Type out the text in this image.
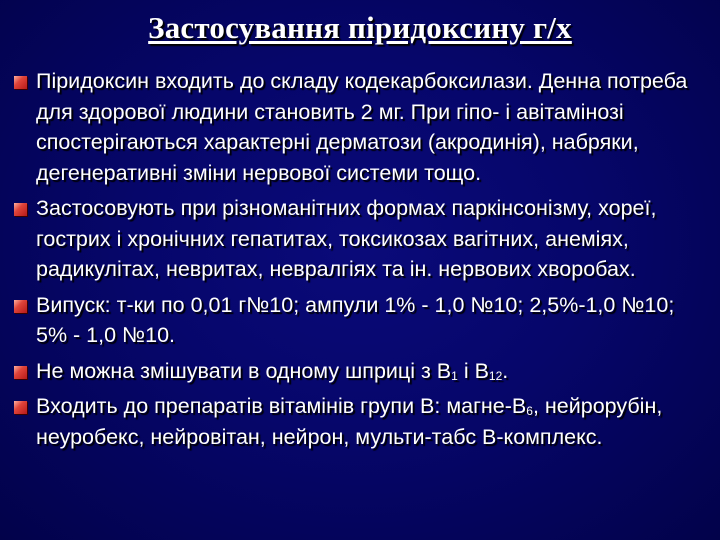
Застосування піридоксину г/х
Піридоксин входить до складу кодекарбоксилази. Денна потреба для здорової людини становить 2 мг. При гіпо- і авітамінозі спостерігаються характерні дерматози (акродинія), набряки, дегенеративні зміни нервової системи тощо.
Застосовують при різноманітних формах паркінсонізму, хореї, гострих і хронічних гепатитах, токсикозах вагітних, анеміях, радикулітах, невритах, невралгіях та ін. нервових хворобах.
Випуск: т-ки по 0,01 г№10; ампули 1% - 1,0 №10; 2,5%-1,0 №10; 5% - 1,0 №10.
Не можна змішувати в одному шприці з $В_1$ і $В_{12}$.
Входить до препаратів вітамінів групи В: магне-$В_6$, нейрорубін, неуробекс, нейровітан, нейрон, мульти-табс В-комплекс.
